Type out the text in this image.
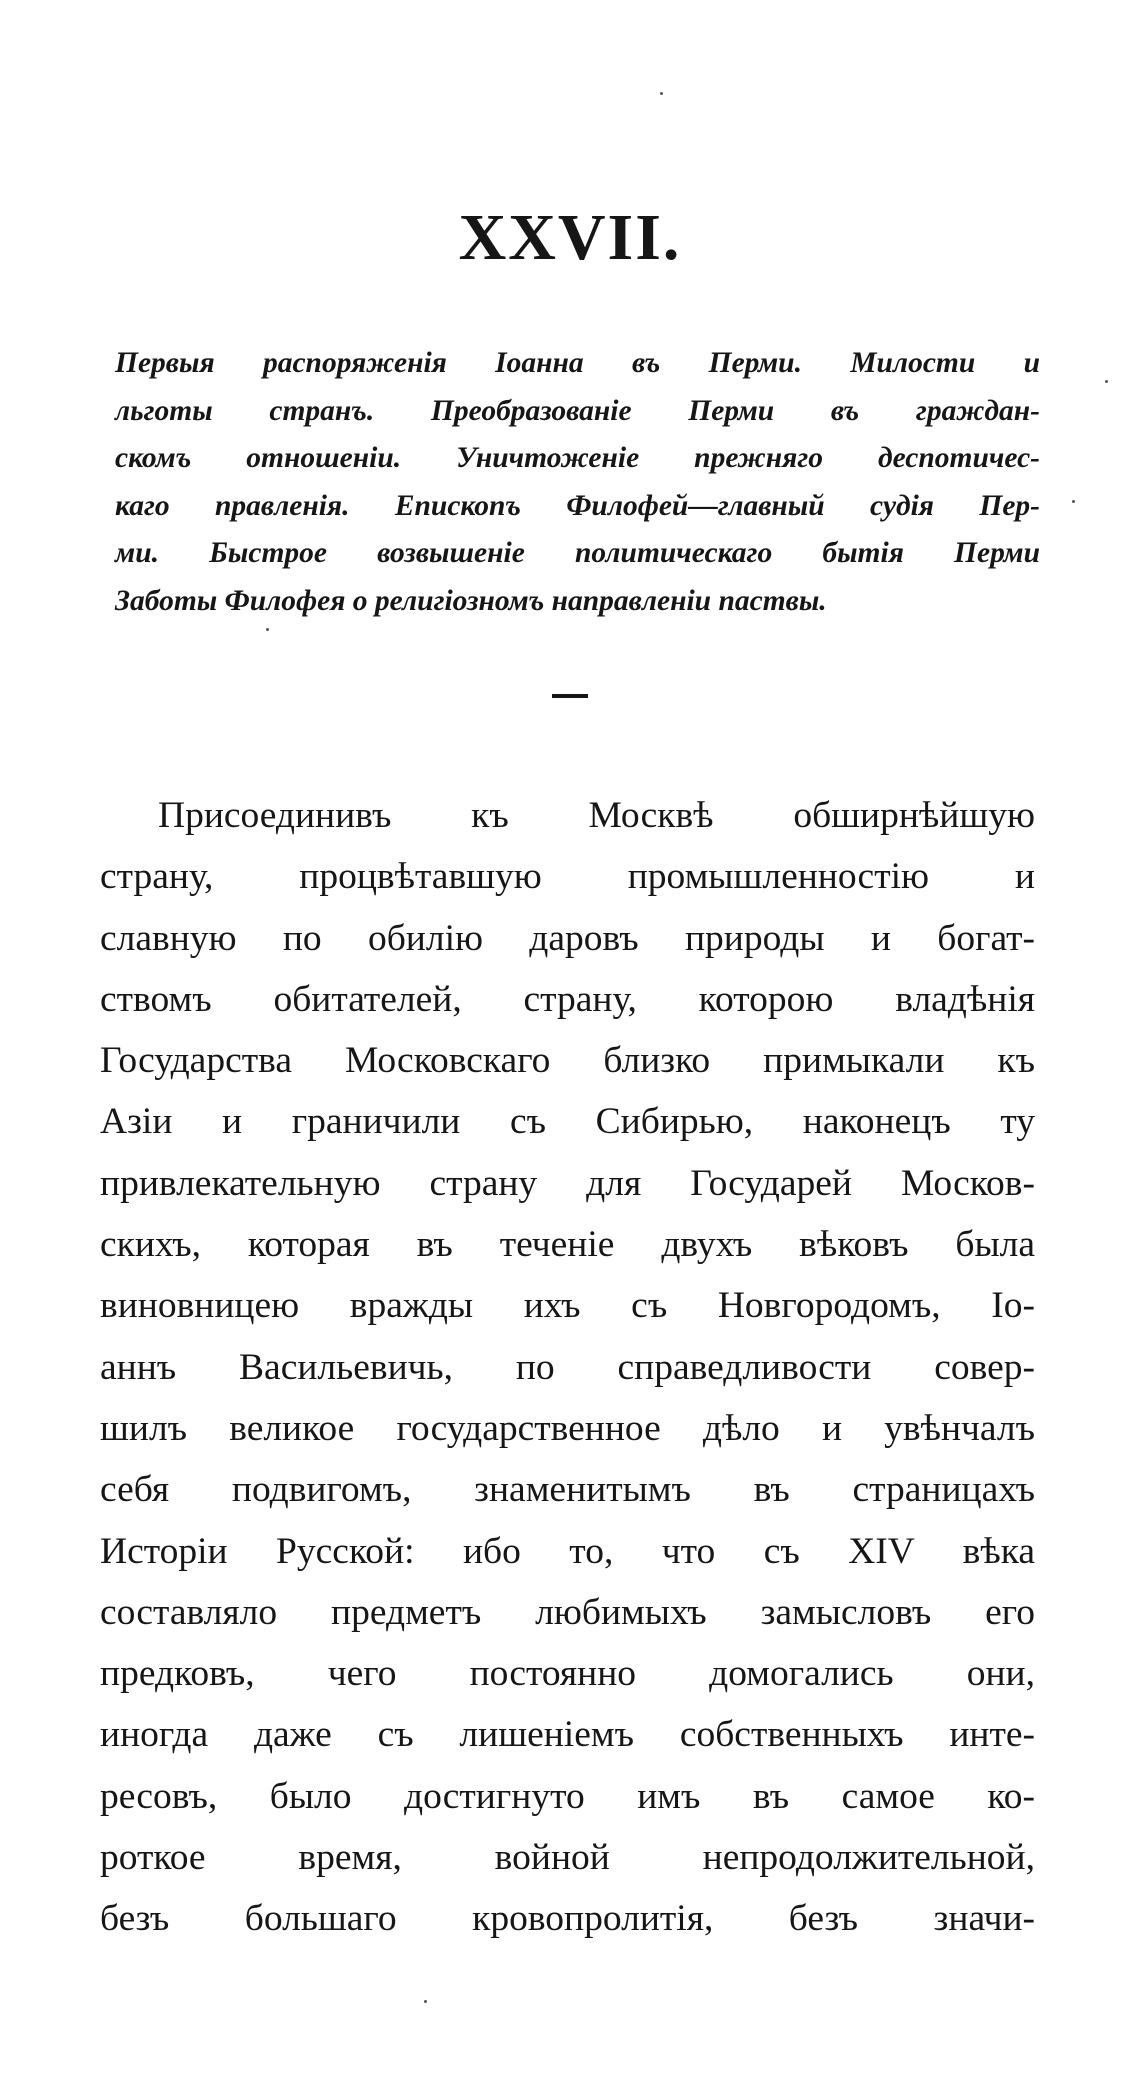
XXVII.
Первыя распоряженія Іоанна въ Перми. Милости и
льготы странъ. Преобразованіе Перми въ граждан-
скомъ отношеніи. Уничтоженіе прежняго деспотичес-
каго правленія. Епископъ Филофей—главный судія Пер-
ми. Быстрое возвышеніе политическаго бытія Перми
Заботы Филофея о религіозномъ направленіи паствы.
Присоединивъ къ Москвѣ обширнѣйшую
страну, процвѣтавшую промышленностію и
славную по обилію даровъ природы и богат-
ствомъ обитателей, страну, которою владѣнія
Государства Московскаго близко примыкали къ
Азіи и граничили съ Сибирью, наконецъ ту
привлекательную страну для Государей Москов-
скихъ, которая въ теченіе двухъ вѣковъ была
виновницею вражды ихъ съ Новгородомъ, Іо-
аннъ Васильевичь, по справедливости совер-
шилъ великое государственное дѣло и увѣнчалъ
себя подвигомъ, знаменитымъ въ страницахъ
Исторіи Русской: ибо то, что съ XIV вѣка
составляло предметъ любимыхъ замысловъ его
предковъ, чего постоянно домогались они,
иногда даже съ лишеніемъ собственныхъ инте-
ресовъ, было достигнуто имъ въ самое ко-
роткое время, войной непродолжительной,
безъ большаго кровопролитія, безъ значи-
